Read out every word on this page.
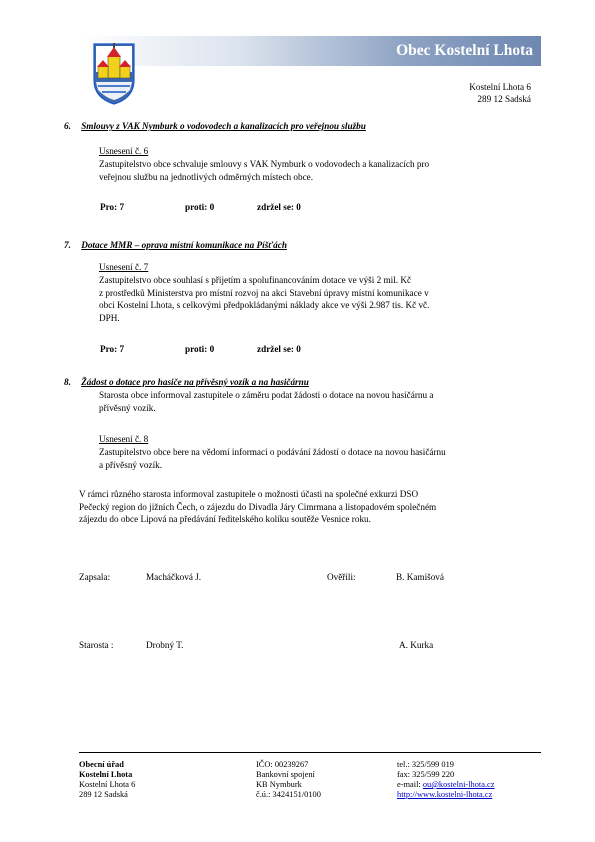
Obec Kostelní Lhota
Kostelní Lhota 6
289 12 Sadská
6. Smlouvy z VAK Nymburk o vodovodech a kanalizacích pro veřejnou službu
Usnesení č. 6
Zastupitelstvo obce schvaluje smlouvy s VAK Nymburk o vodovodech a kanalizacích pro
veřejnou službu na jednotlivých odměrných místech obce.
Pro: 7	proti: 0	zdržel se: 0
7. Dotace MMR – oprava místní komunikace na Píšťách
Usnesení č. 7
Zastupitelstvo obce souhlasí s přijetím a spolufinancováním dotace ve výši 2 mil. Kč
z prostředků Ministerstva pro místní rozvoj na akci Stavební úpravy místní komunikace v
obci Kostelní Lhota, s celkovými předpokládanými náklady akce ve výši 2.987 tis. Kč vč.
DPH.
Pro: 7	proti: 0	zdržel se: 0
8. Žádost o dotace pro hasiče na přívěsný vozík a na hasičárnu
Starosta obce informoval zastupitele o záměru podat žádosti o dotace na novou hasičárnu a
přívěsný vozík.
Usnesení č. 8
Zastupitelstvo obce bere na vědomí informaci o podávání žádostí o dotace na novou hasičárnu
a přívěsný vozík.
V rámci různého starosta informoval zastupitele o možnosti účasti na společné exkurzi DSO
Pečecký region do jižních Čech, o zájezdu do Divadla Járy Cimrmana a listopadovém společném
zájezdu do obce Lipová na předávání ředitelského kolíku soutěže Vesnice roku.
Zapsala:	Macháčková J.	Ověřili:	B. Kamišová
Starosta :	Drobný T.	A. Kurka
Obecní úřad
Kostelní Lhota
Kostelní Lhota 6
289 12 Sadská
IČO: 00239267
Bankovní spojení
KB Nymburk
č.ú.: 3424151/0100
tel.: 325/599 019
fax: 325/599 220
e-mail: ou@kostelni-lhota.cz
http://www.kostelni-lhota.cz
